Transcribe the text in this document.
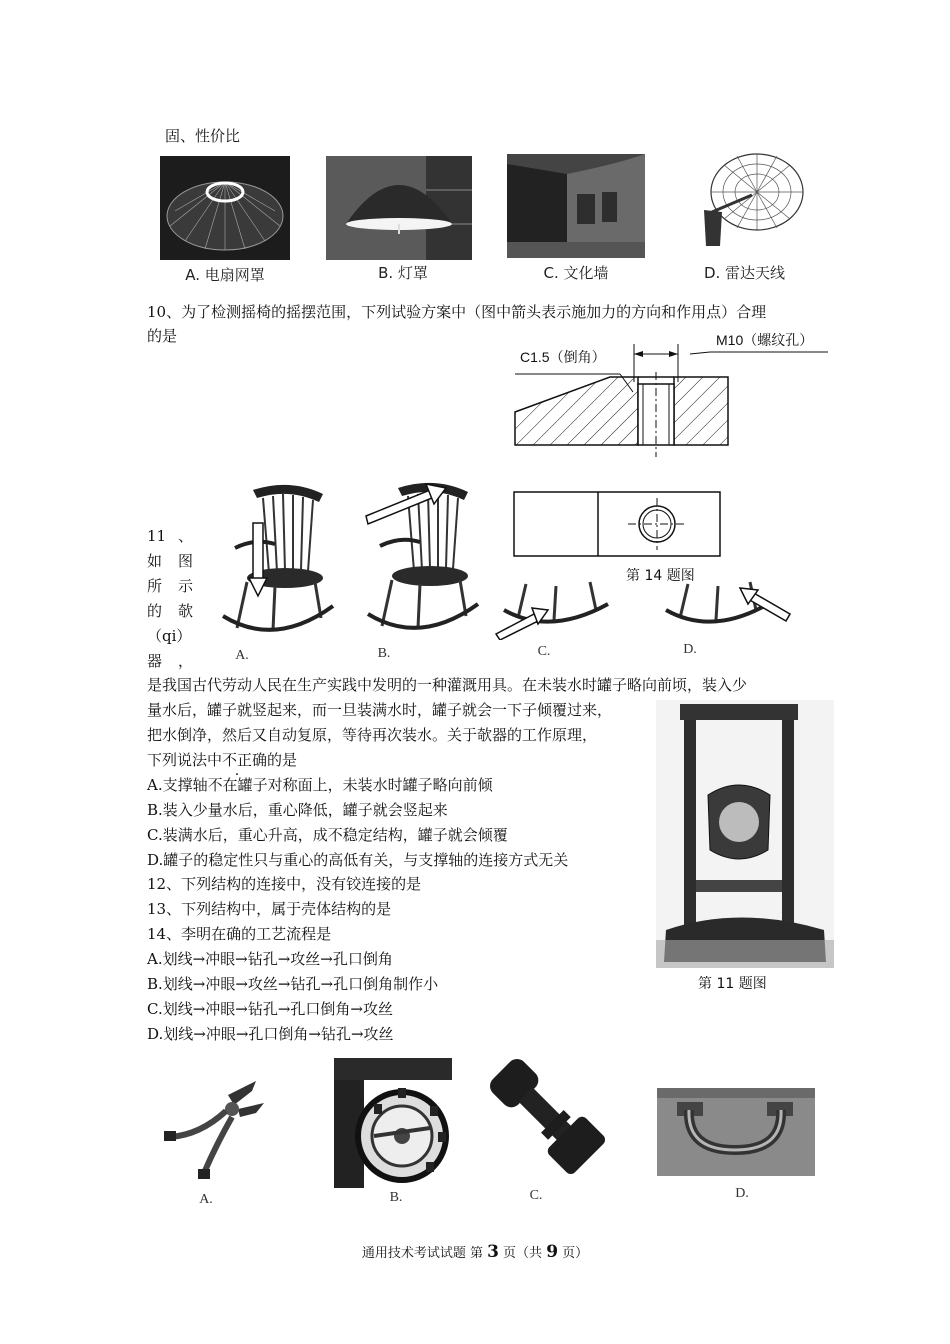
固、性价比
A. 电扇网罩	B. 灯罩	C. 文化墙	D. 雷达天线
10、为了检测摇椅的摇摆范围，下列试验方案中（图中箭头表示施加力的方向和作用点）合理
的是
C1.5（倒角）
M10（螺纹孔）
第 14 题图
A.	B.	C.	D.
11 、
如 图
所 示
的 欹
（qi）
器 ，
是我国古代劳动人民在生产实践中发明的一种灌溉用具。在未装水时罐子略向前顷，装入少
量水后，罐子就竖起来，而一旦装满水时，罐子就会一下子倾覆过来，
把水倒净，然后又自动复原，等待再次装水。关于欹器的工作原理，
下列说法中不正确的是
A.支撑轴不在罐子对称面上，未装水时罐子略向前倾
B.装入少量水后，重心降低，罐子就会竖起来
C.装满水后，重心升高，成不稳定结构，罐子就会倾覆
D.罐子的稳定性只与重心的高低有关，与支撑轴的连接方式无关
第 11 题图
12、下列结构的连接中，没有铰连接的是
13、下列结构中，属于壳体结构的是
14、李明在确的工艺流程是
A.划线→冲眼→钻孔→攻丝→孔口倒角
B.划线→冲眼→攻丝→钻孔→孔口倒角制作小
C.划线→冲眼→钻孔→孔口倒角→攻丝
D.划线→冲眼→孔口倒角→钻孔→攻丝
A.	B.	C.	D.
通用技术考试试题 第 3 页（共 9 页）
